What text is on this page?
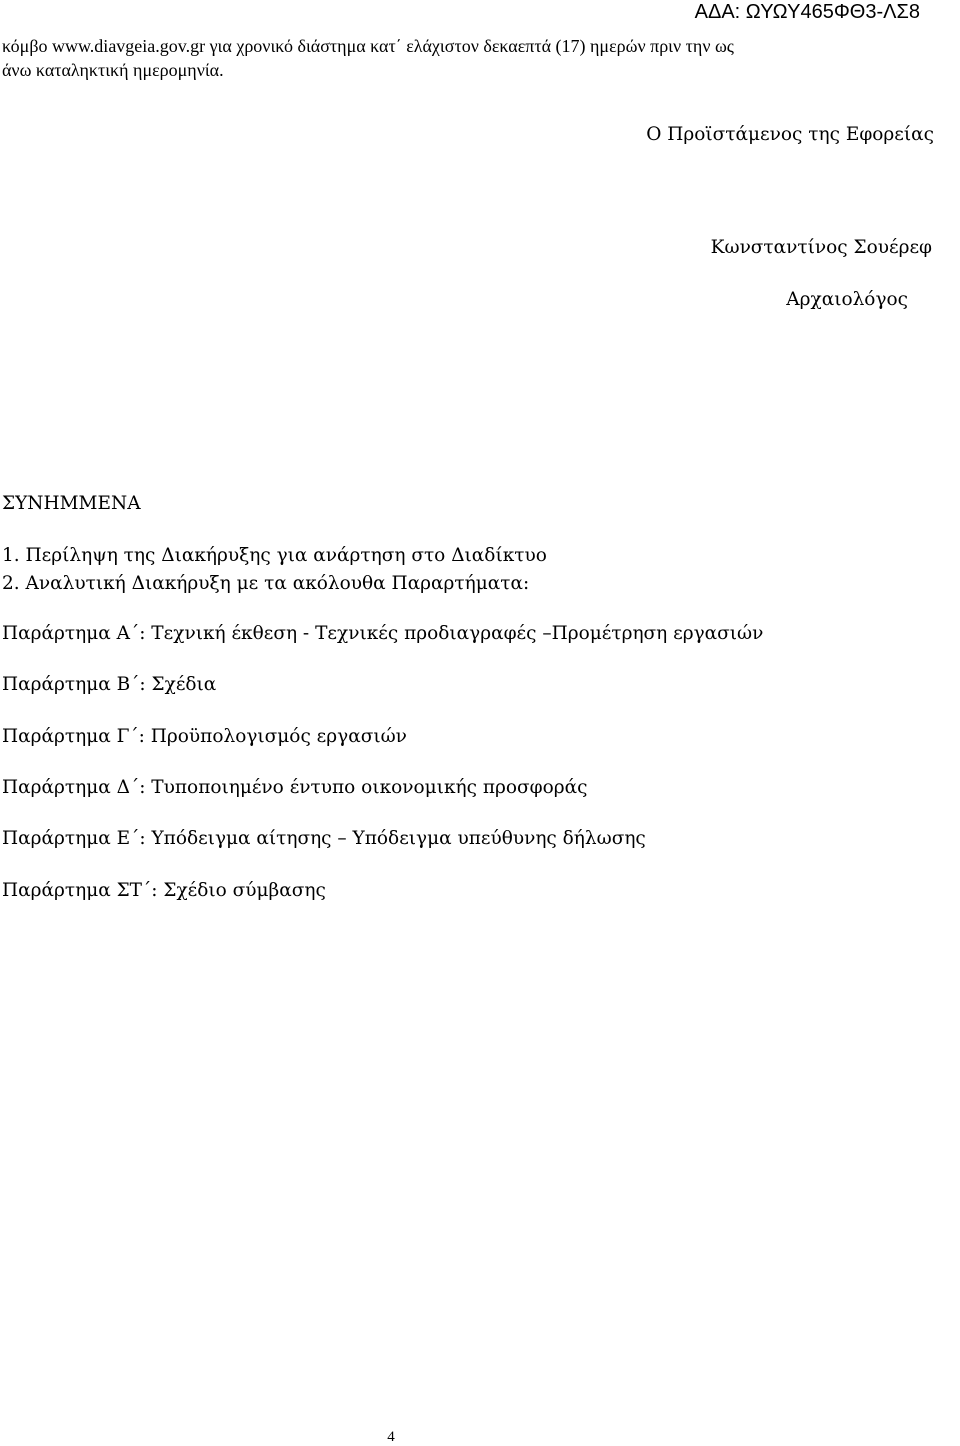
ΑΔΑ: ΩΥΩΥ465ΦΘ3-ΛΣ8
κόμβο www.diavgeia.gov.gr για χρονικό διάστημα κατ΄ ελάχιστον δεκαεπτά (17) ημερών πριν την ως
άνω καταληκτική ημερομηνία.
Ο Προϊστάμενος της Εφορείας
Κωνσταντίνος Σουέρεφ
Αρχαιολόγος
ΣΥΝΗΜΜΕΝΑ
1. Περίληψη της Διακήρυξης για ανάρτηση στο Διαδίκτυο
2. Αναλυτική Διακήρυξη με τα ακόλουθα Παραρτήματα:
Παράρτημα Α΄: Τεχνική έκθεση - Τεχνικές προδιαγραφές –Προμέτρηση εργασιών
Παράρτημα Β΄: Σχέδια
Παράρτημα Γ΄: Προϋπολογισμός εργασιών
Παράρτημα Δ΄: Τυποποιημένο έντυπο οικονομικής προσφοράς
Παράρτημα Ε΄: Υπόδειγμα αίτησης – Υπόδειγμα υπεύθυνης δήλωσης
Παράρτημα ΣΤ΄: Σχέδιο σύμβασης
4
